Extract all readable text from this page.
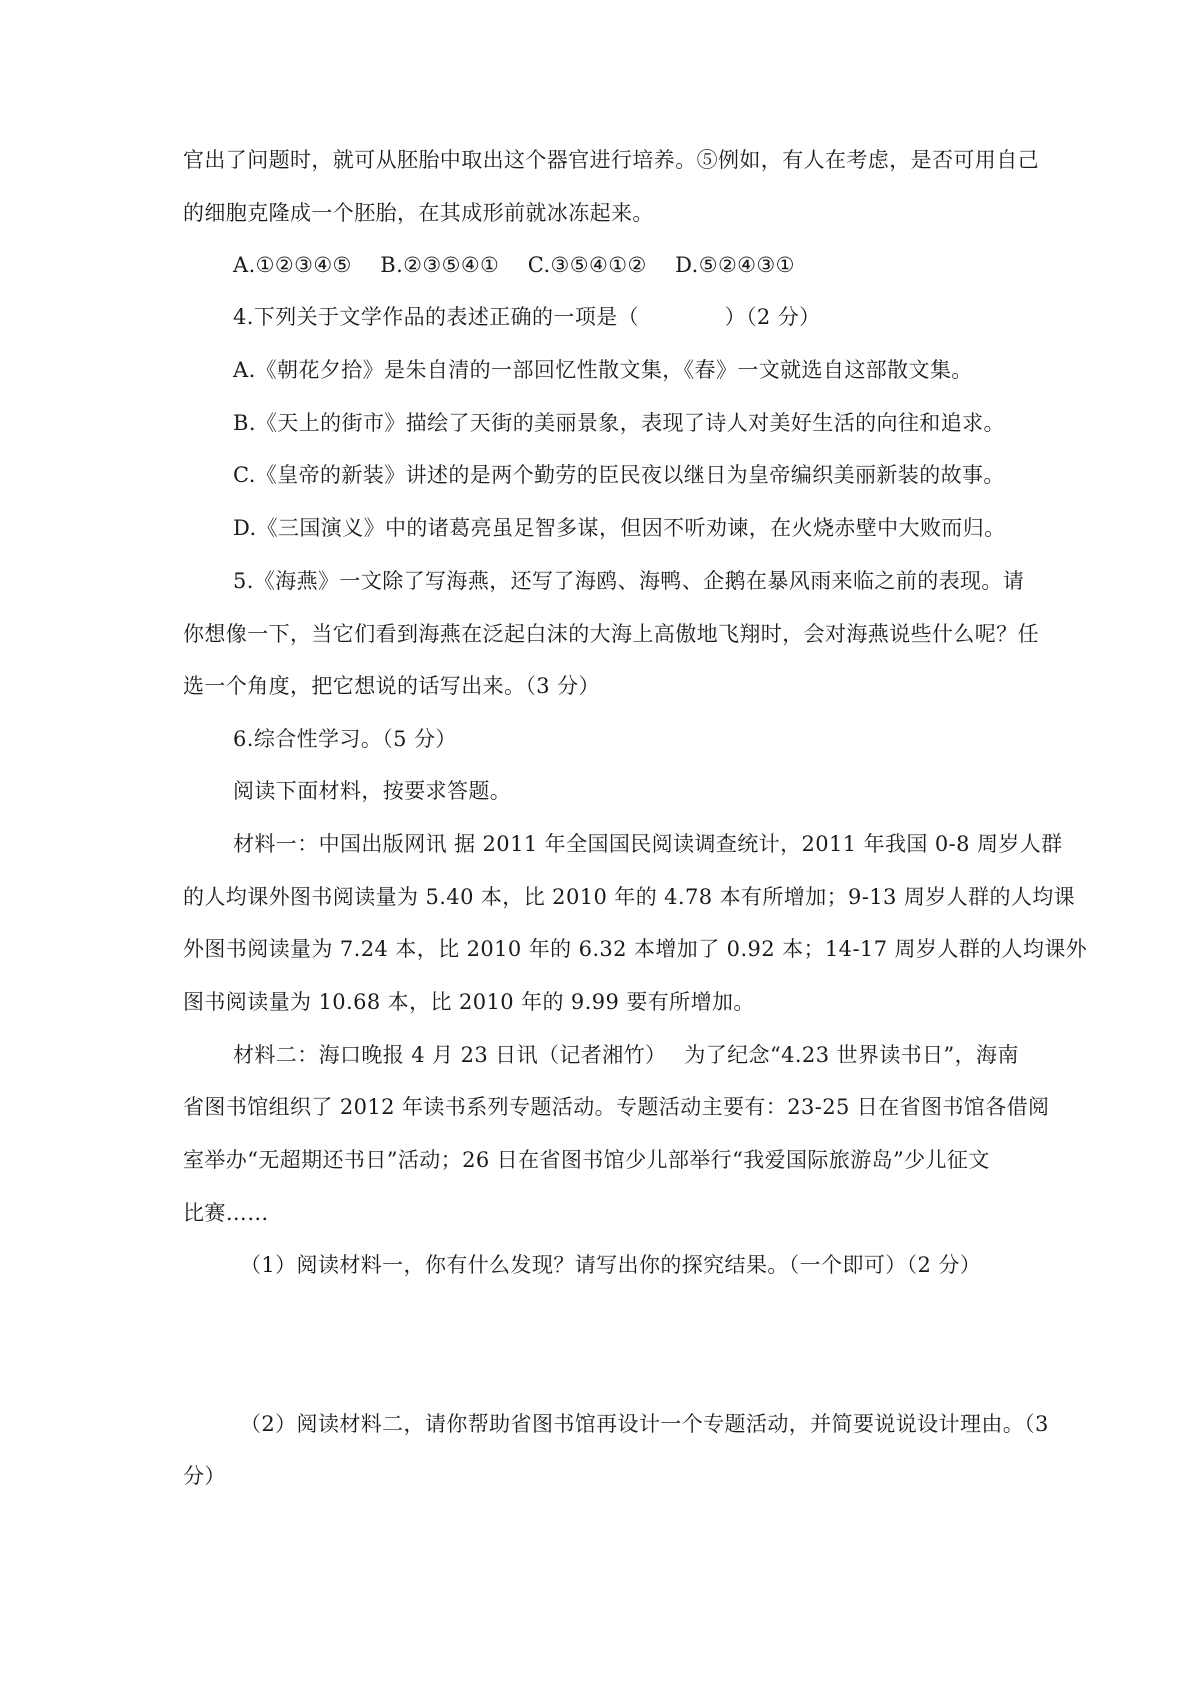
官出了问题时，就可从胚胎中取出这个器官进行培养。⑤例如，有人在考虑，是否可用自己
的细胞克隆成一个胚胎，在其成形前就冰冻起来。
A.①②③④⑤　 B.②③⑤④①　 C.③⑤④①②　 D.⑤②④③①
4.下列关于文学作品的表述正确的一项是（　　　　）（2 分）
A.《朝花夕拾》是朱自清的一部回忆性散文集，《春》一文就选自这部散文集。
B.《天上的街市》描绘了天街的美丽景象，表现了诗人对美好生活的向往和追求。
C.《皇帝的新装》讲述的是两个勤劳的臣民夜以继日为皇帝编织美丽新装的故事。
D.《三国演义》中的诸葛亮虽足智多谋，但因不听劝谏，在火烧赤壁中大败而归。
5.《海燕》一文除了写海燕，还写了海鸥、海鸭、企鹅在暴风雨来临之前的表现。请
你想像一下，当它们看到海燕在泛起白沫的大海上高傲地飞翔时，会对海燕说些什么呢？任
选一个角度，把它想说的话写出来。（3 分）
6.综合性学习。（5 分）
阅读下面材料，按要求答题。
材料一：中国出版网讯 据 2011 年全国国民阅读调查统计，2011 年我国 0-8 周岁人群
的人均课外图书阅读量为 5.40 本，比 2010 年的 4.78 本有所增加；9-13 周岁人群的人均课
外图书阅读量为 7.24 本，比 2010 年的 6.32 本增加了 0.92 本；14-17 周岁人群的人均课外
图书阅读量为 10.68 本，比 2010 年的 9.99 要有所增加。
材料二：海口晚报 4 月 23 日讯（记者湘竹）　 为了纪念“4.23 世界读书日”，海南
省图书馆组织了 2012 年读书系列专题活动。专题活动主要有：23-25 日在省图书馆各借阅
室举办“无超期还书日”活动；26 日在省图书馆少儿部举行“我爱国际旅游岛”少儿征文
比赛……
（1）阅读材料一，你有什么发现？请写出你的探究结果。（一个即可）（2 分）
（2）阅读材料二，请你帮助省图书馆再设计一个专题活动，并简要说说设计理由。（3
分）
